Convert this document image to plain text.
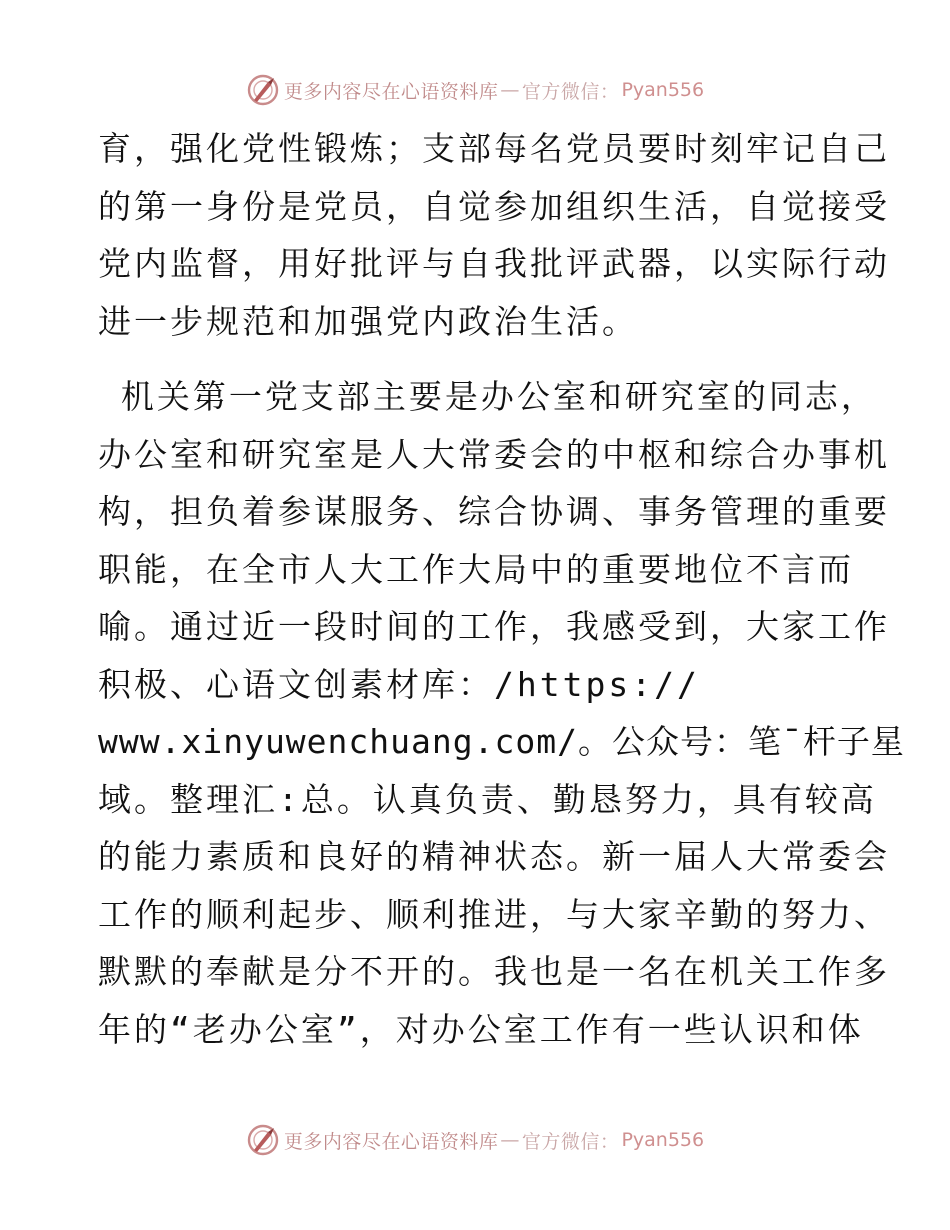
更多内容尽在心语资料库 — 官方微信： Pyan556
育，强化党性锻炼；支部每名党员要时刻牢记自己
的第一身份是党员，自觉参加组织生活，自觉接受
党内监督，用好批评与自我批评武器，以实际行动
进一步规范和加强党内政治生活。
机关第一党支部主要是办公室和研究室的同志，
办公室和研究室是人大常委会的中枢和综合办事机
构，担负着参谋服务、综合协调、事务管理的重要
职能，在全市人大工作大局中的重要地位不言而
喻。通过近一段时间的工作，我感受到，大家工作
积极、心语文创素材库：/https://
www.xinyuwenchuang.com/。公众号：笔¯杆子星
域。整理汇:总。认真负责、勤恳努力，具有较高
的能力素质和良好的精神状态。新一届人大常委会
工作的顺利起步、顺利推进，与大家辛勤的努力、
默默的奉献是分不开的。我也是一名在机关工作多
年的“老办公室”，对办公室工作有一些认识和体
更多内容尽在心语资料库 — 官方微信： Pyan556
